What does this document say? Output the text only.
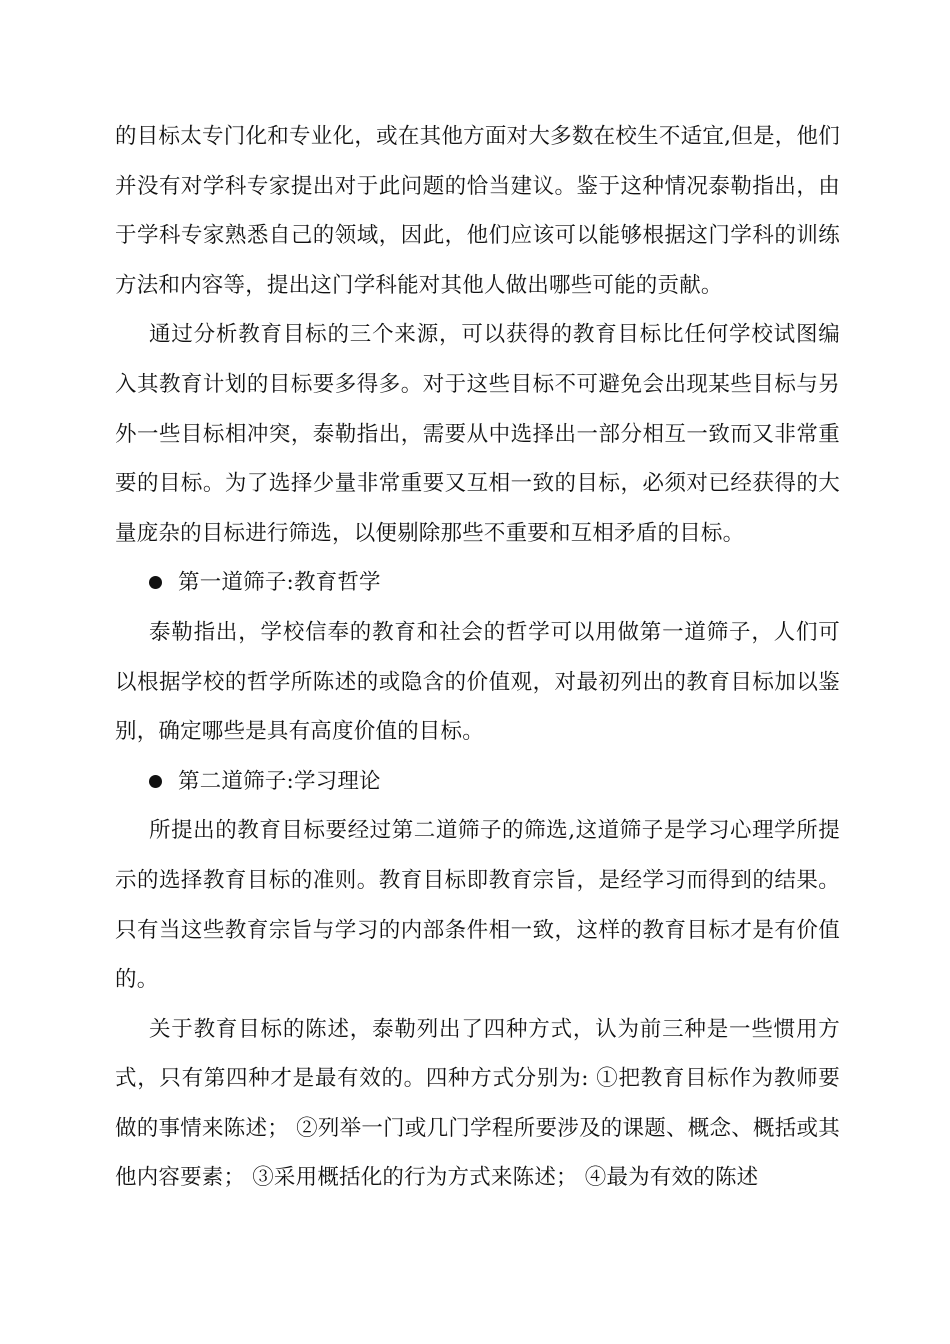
的目标太专门化和专业化，或在其他方面对大多数在校生不适宜,但是，他们并没有对学科专家提出对于此问题的恰当建议。鉴于这种情况泰勒指出，由于学科专家熟悉自己的领域，因此，他们应该可以能够根据这门学科的训练方法和内容等，提出这门学科能对其他人做出哪些可能的贡献。

通过分析教育目标的三个来源，可以获得的教育目标比任何学校试图编入其教育计划的目标要多得多。对于这些目标不可避免会出现某些目标与另外一些目标相冲突，泰勒指出，需要从中选择出一部分相互一致而又非常重要的目标。为了选择少量非常重要又互相一致的目标，必须对已经获得的大量庞杂的目标进行筛选，以便剔除那些不重要和互相矛盾的目标。

第一道筛子:教育哲学

泰勒指出，学校信奉的教育和社会的哲学可以用做第一道筛子，人们可以根据学校的哲学所陈述的或隐含的价值观，对最初列出的教育目标加以鉴别，确定哪些是具有高度价值的目标。

第二道筛子:学习理论

所提出的教育目标要经过第二道筛子的筛选,这道筛子是学习心理学所提示的选择教育目标的准则。教育目标即教育宗旨，是经学习而得到的结果。只有当这些教育宗旨与学习的内部条件相一致，这样的教育目标才是有价值的。

关于教育目标的陈述，泰勒列出了四种方式，认为前三种是一些惯用方式，只有第四种才是最有效的。四种方式分别为: ①把教育目标作为教师要做的事情来陈述； ②列举一门或几门学程所要涉及的课题、概念、概括或其他内容要素； ③采用概括化的行为方式来陈述； ④最为有效的陈述
